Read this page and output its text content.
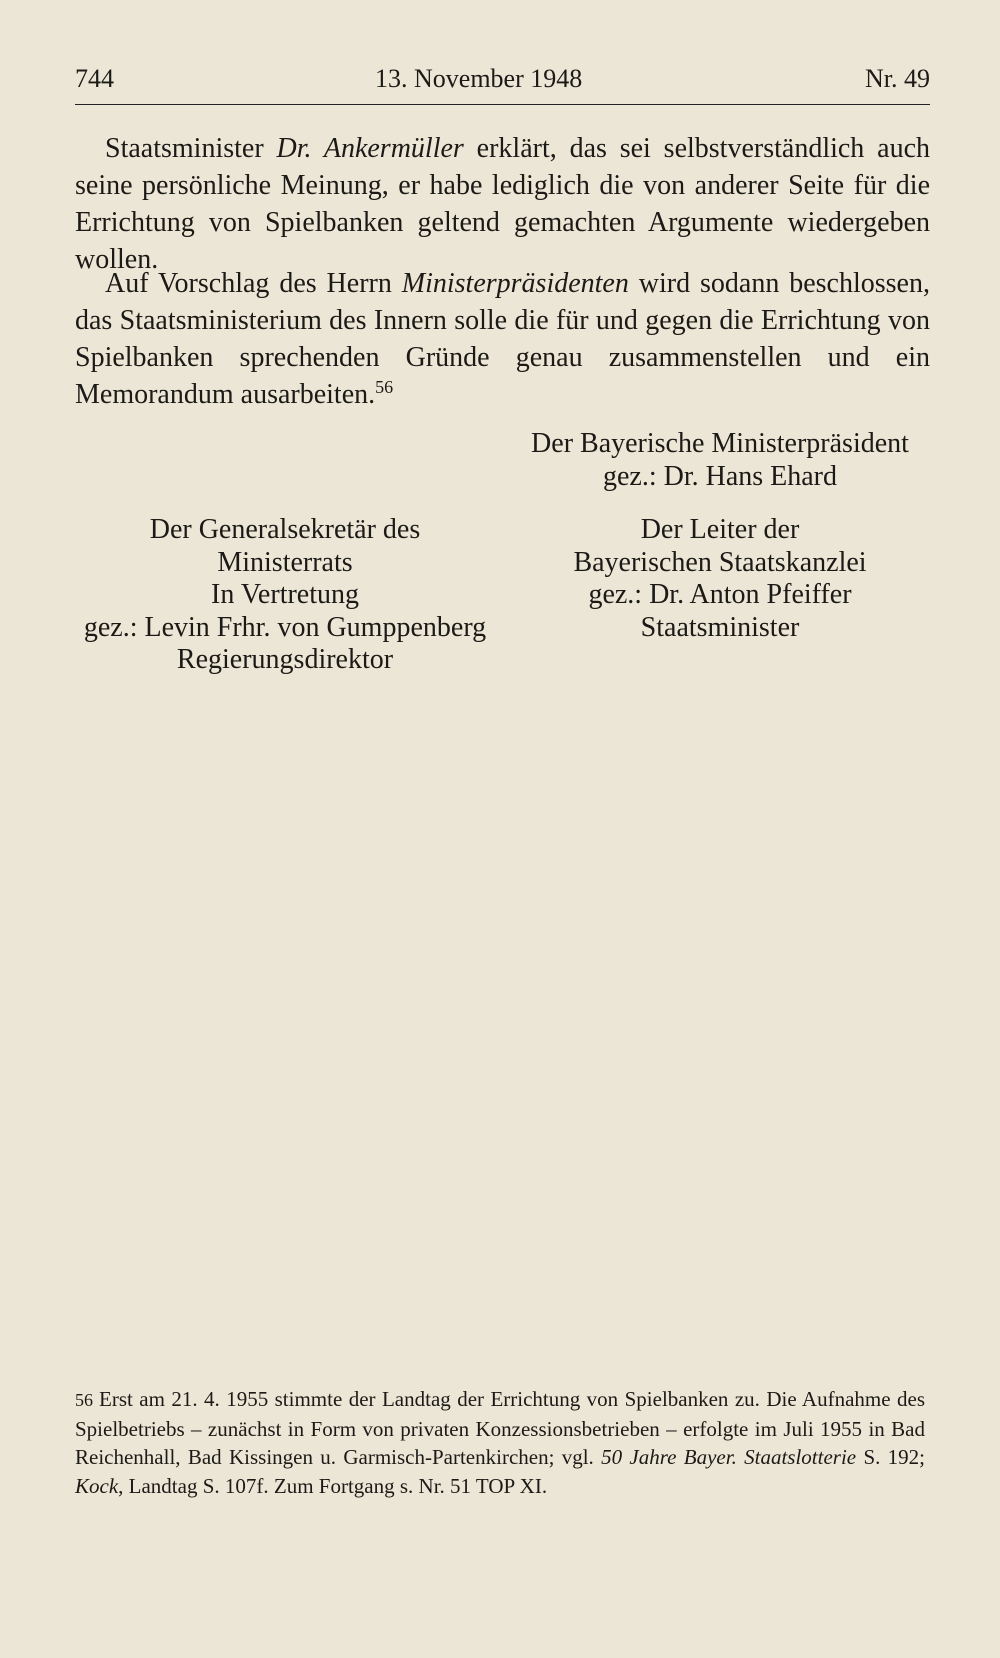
744	13. November 1948	Nr. 49

Staatsminister Dr. Ankermüller erklärt, das sei selbstverständlich auch seine persönliche Meinung, er habe lediglich die von anderer Seite für die Errichtung von Spielbanken geltend gemachten Argumente wiedergeben wollen.

Auf Vorschlag des Herrn Ministerpräsidenten wird sodann beschlossen, das Staatsministerium des Innern solle die für und gegen die Errichtung von Spielbanken sprechenden Gründe genau zusammenstellen und ein Memorandum ausarbeiten.$^{56}$

Der Bayerische Ministerpräsident
gez.: Dr. Hans Ehard
Der Generalsekretär des
Ministerrats
In Vertretung
gez.: Levin Frhr. von Gumppenberg
Regierungsdirektor
Der Leiter der
Bayerischen Staatskanzlei
gez.: Dr. Anton Pfeiffer
Staatsminister

56 Erst am 21. 4. 1955 stimmte der Landtag der Errichtung von Spielbanken zu. Die Aufnahme des Spielbetriebs – zunächst in Form von privaten Konzessionsbetrieben – erfolgte im Juli 1955 in Bad Reichenhall, Bad Kissingen u. Garmisch-Partenkirchen; vgl. 50 Jahre Bayer. Staatslotterie S. 192; Kock, Landtag S. 107f. Zum Fortgang s. Nr. 51 TOP XI.
